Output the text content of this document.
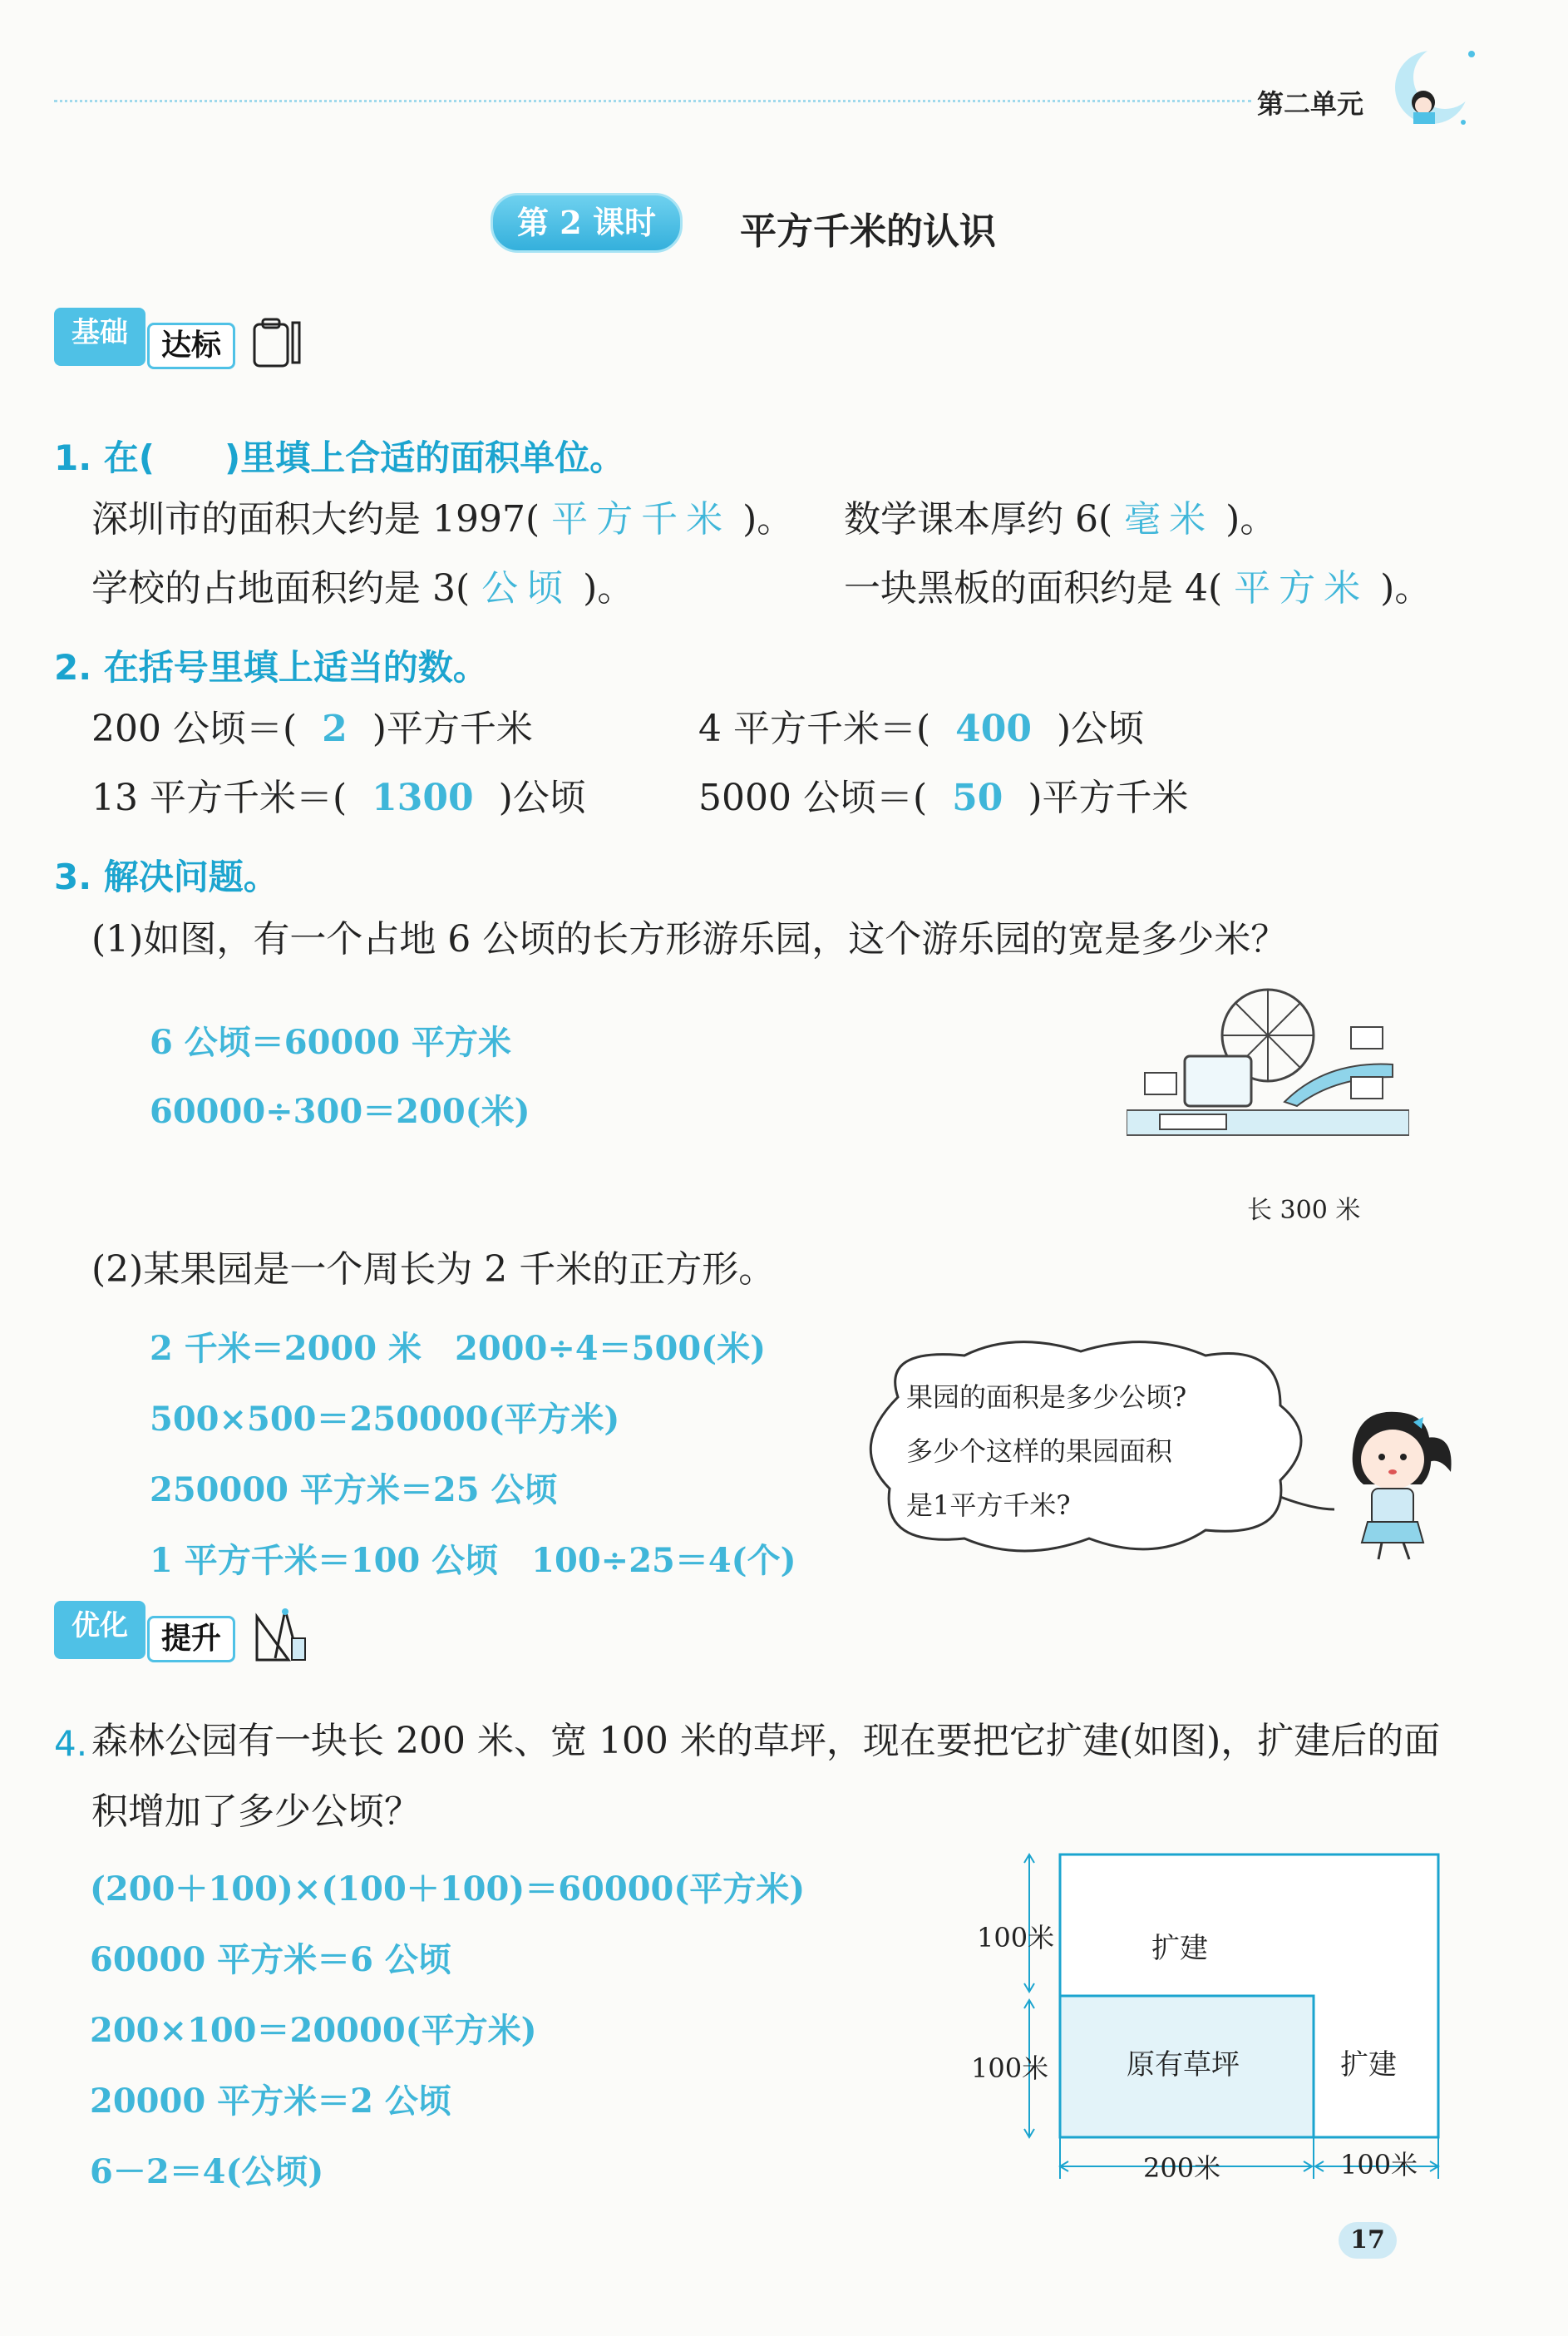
第二单元
第 2 课时	平方千米的认识
基础	达标
1. 在(　　)里填上合适的面积单位。
深圳市的面积大约是 1997( 平方千米 )。 数学课本厚约 6( 毫米 )。
学校的占地面积约是 3( 公顷 )。	一块黑板的面积约是 4( 平方米 )。
2. 在括号里填上适当的数。
200 公顷＝( 2 )平方千米	4 平方千米＝( 400 )公顷
13 平方千米＝( 1300 )公顷	5000 公顷＝( 50 )平方千米
3. 解决问题。
(1)如图，有一个占地 6 公顷的长方形游乐园，这个游乐园的宽是多少米？
6 公顷＝60000 平方米
60000÷300＝200(米)
长 300 米
(2)某果园是一个周长为 2 千米的正方形。
2 千米＝2000 米　2000÷4＝500(米)
500×500＝250000(平方米)
250000 平方米＝25 公顷
1 平方千米＝100 公顷　100÷25＝4(个)
果园的面积是多少公顷?
多少个这样的果园面积
是1平方千米?
优化	提升
4. 森林公园有一块长 200 米、宽 100 米的草坪，现在要把它扩建(如图)，扩建后的面
积增加了多少公顷？
(200＋100)×(100＋100)＝60000(平方米)
60000 平方米＝6 公顷
200×100＝20000(平方米)
20000 平方米＝2 公顷
6－2＝4(公顷)
扩建
扩建
原有草坪
100米
100米
200米	100米
17
